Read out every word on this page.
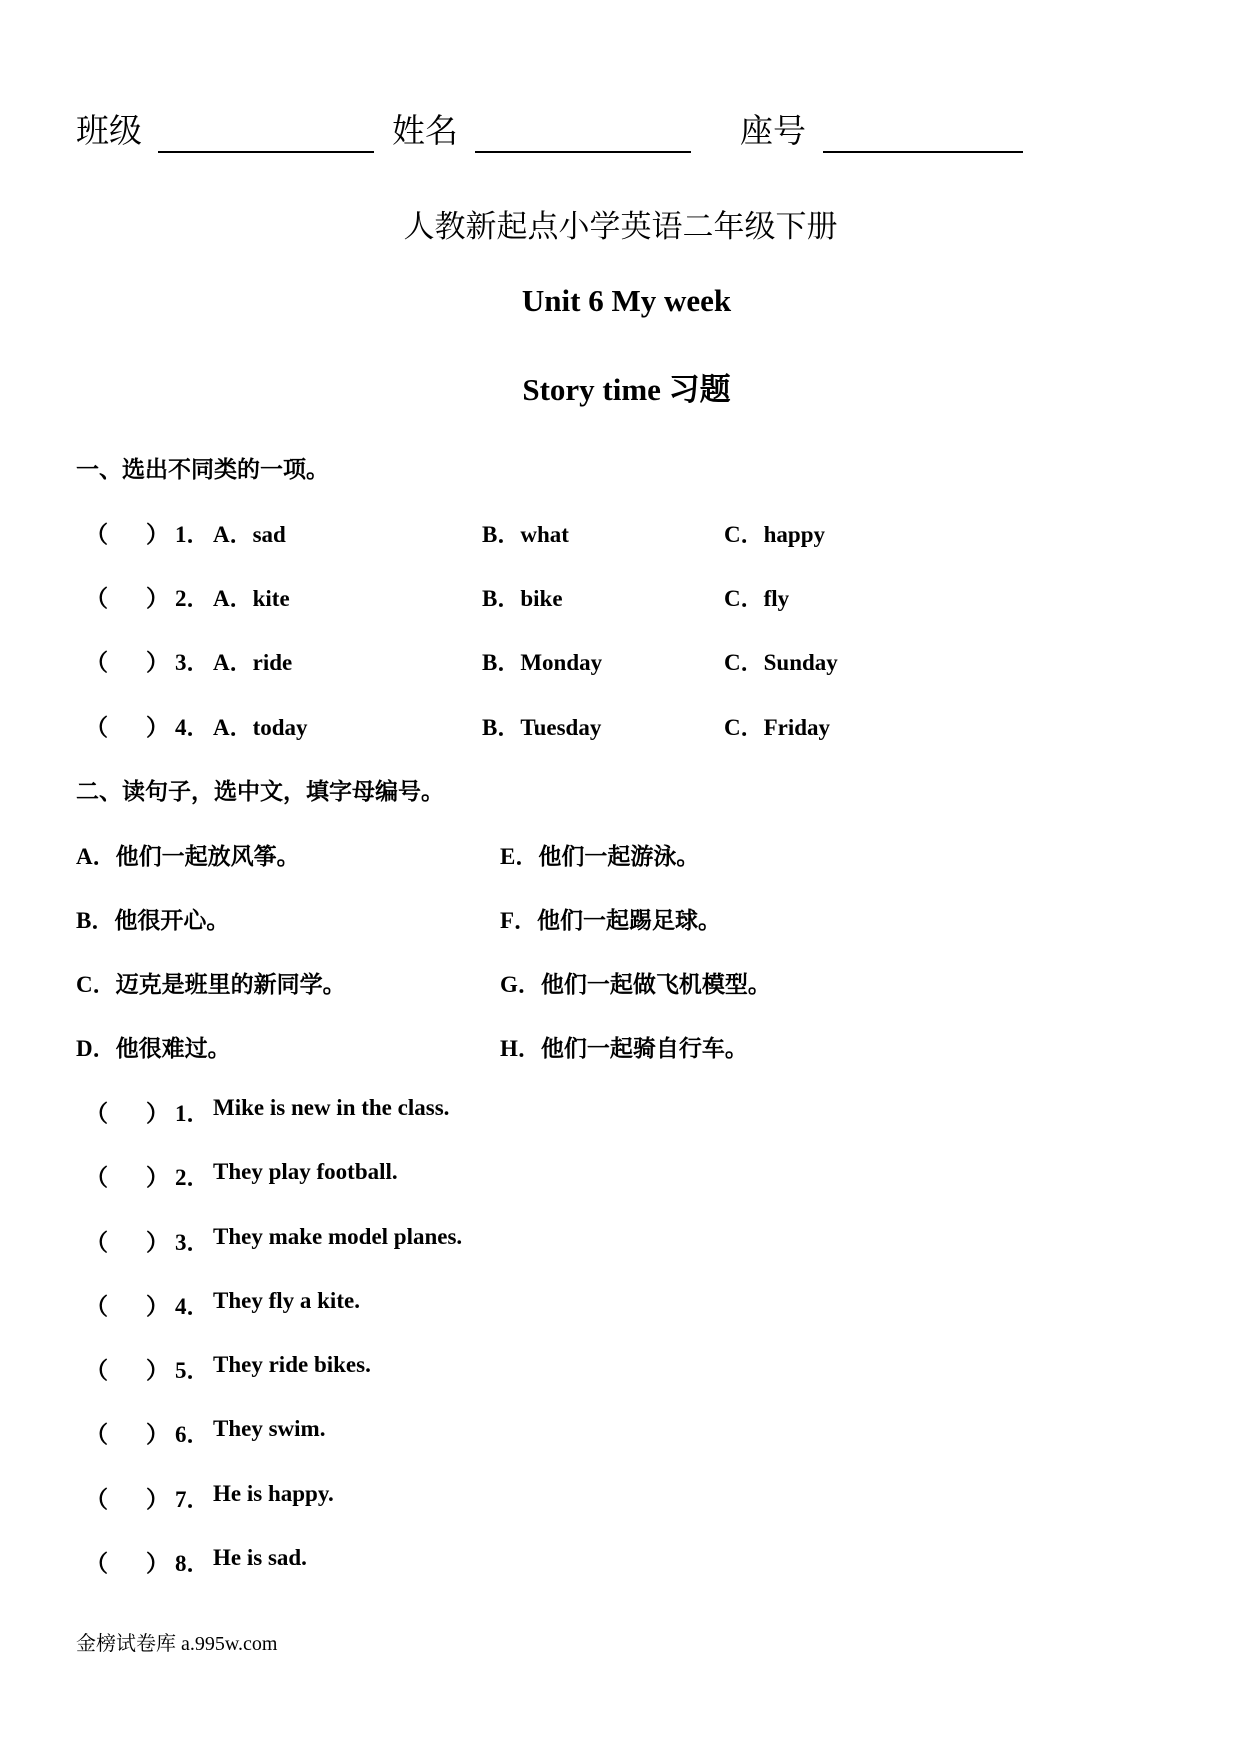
班级	姓名	座号
人教新起点小学英语二年级下册
Unit 6 My week
Story time 习题
一、选出不同类的一项。
（ ） 1． A．sad	B．what	C．happy
（ ） 2． A．kite	B．bike	C．fly
（ ） 3． A．ride	B．Monday	C．Sunday
（ ） 4． A．today	B．Tuesday	C．Friday
二、读句子，选中文，填字母编号。
A．他们一起放风筝。	E．他们一起游泳。
B．他很开心。	F．他们一起踢足球。
C．迈克是班里的新同学。	G．他们一起做飞机模型。
D．他很难过。	H．他们一起骑自行车。
（ ） 1． Mike is new in the class.
（ ） 2． They play football.
（ ） 3． They make model planes.
（ ） 4． They fly a kite.
（ ） 5． They ride bikes.
（ ） 6． They swim.
（ ） 7． He is happy.
（ ） 8． He is sad.
金榜试卷库 a.995w.com
